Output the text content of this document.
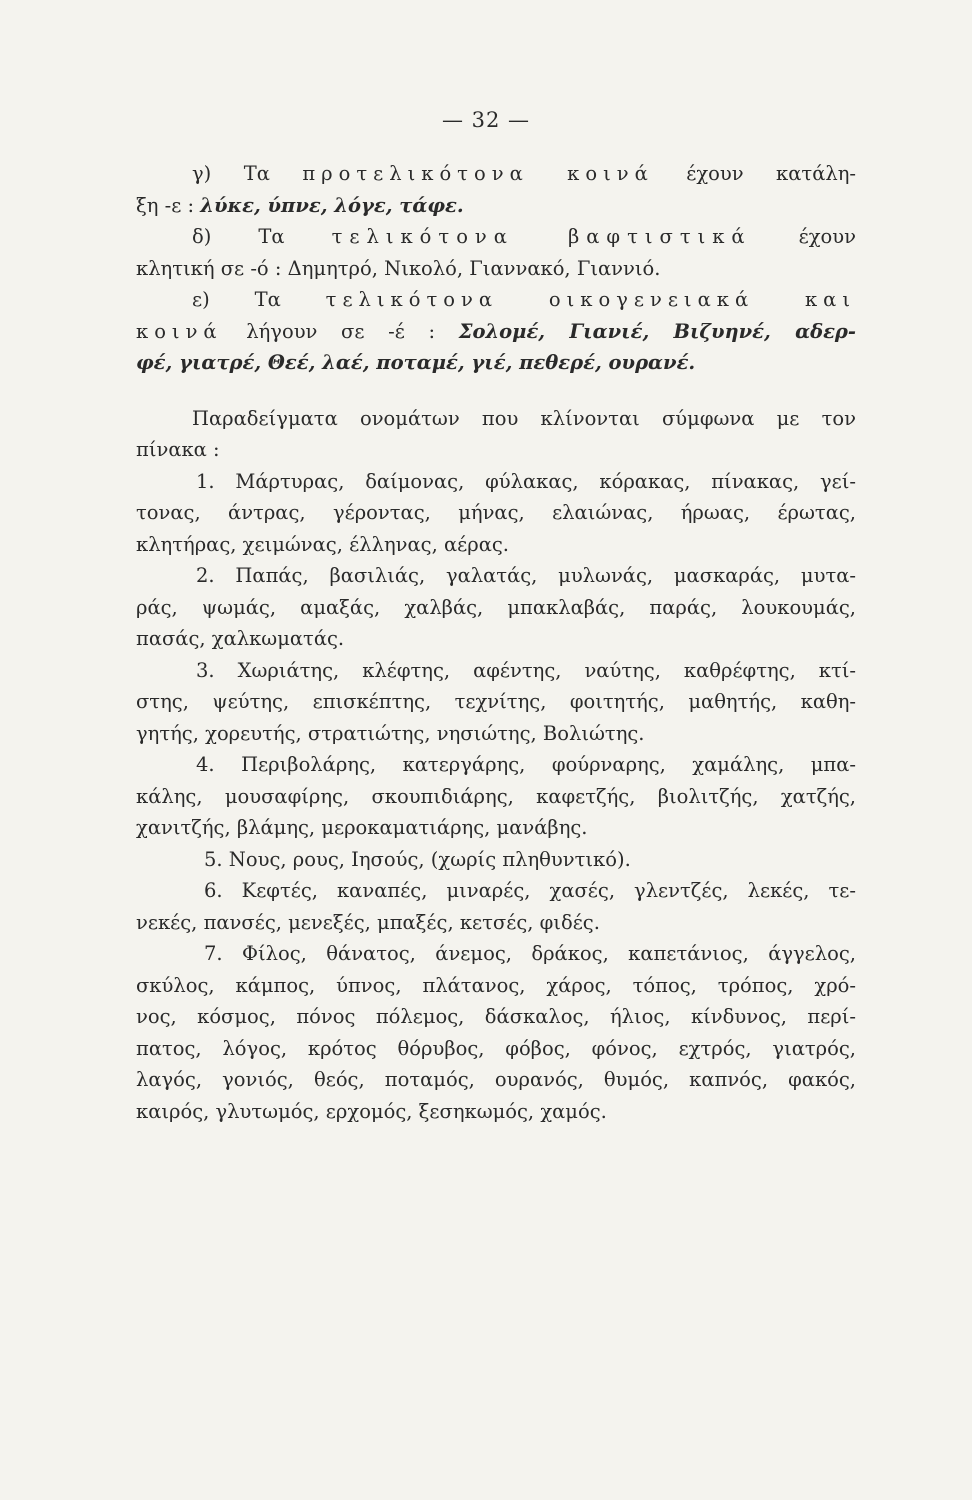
— 32 —
γ) Τα προτελικότονα κοινά έχουν κατάλη-
ξη -ε : λύκε, ύπνε, λόγε, τάφε.
δ) Τα τελικότονα βαφτιστικά έχουν
κλητική σε -ό : Δημητρό, Νικολό, Γιαννακό, Γιαννιό.
ε) Τα τελικότονα οικογενειακά και
κοινά λήγουν σε -έ : Σολομέ, Γιανιέ, Βιζυηνέ, αδερ-
φέ, γιατρέ, Θεέ, λαέ, ποταμέ, γιέ, πεθερέ, ουρανέ.
Παραδείγματα ονομάτων που κλίνονται σύμφωνα με τον
πίνακα :
1. Μάρτυρας, δαίμονας, φύλακας, κόρακας, πίνακας, γεί-
τονας, άντρας, γέροντας, μήνας, ελαιώνας, ήρωας, έρωτας,
κλητήρας, χειμώνας, έλληνας, αέρας.
2. Παπάς, βασιλιάς, γαλατάς, μυλωνάς, μασκαράς, μυτα-
ράς, ψωμάς, αμαξάς, χαλβάς, μπακλαβάς, παράς, λουκουμάς,
πασάς, χαλκωματάς.
3. Χωριάτης, κλέφτης, αφέντης, ναύτης, καθρέφτης, κτί-
στης, ψεύτης, επισκέπτης, τεχνίτης, φοιτητής, μαθητής, καθη-
γητής, χορευτής, στρατιώτης, νησιώτης, Βολιώτης.
4. Περιβολάρης, κατεργάρης, φούρναρης, χαμάλης, μπα-
κάλης, μουσαφίρης, σκουπιδιάρης, καφετζής, βιολιτζής, χατζής,
χανιτζής, βλάμης, μεροκαματιάρης, μανάβης.
5. Νους, ρους, Ιησούς, (χωρίς πληθυντικό).
6. Κεφτές, καναπές, μιναρές, χασές, γλεντζές, λεκές, τε-
νεκές, πανσές, μενεξές, μπαξές, κετσές, φιδές.
7. Φίλος, θάνατος, άνεμος, δράκος, καπετάνιος, άγγελος,
σκύλος, κάμπος, ύπνος, πλάτανος, χάρος, τόπος, τρόπος, χρό-
νος, κόσμος, πόνος πόλεμος, δάσκαλος, ήλιος, κίνδυνος, περί-
πατος, λόγος, κρότος θόρυβος, φόβος, φόνος, εχτρός, γιατρός,
λαγός, γονιός, θεός, ποταμός, ουρανός, θυμός, καπνός, φακός,
καιρός, γλυτωμός, ερχομός, ξεσηκωμός, χαμός.
